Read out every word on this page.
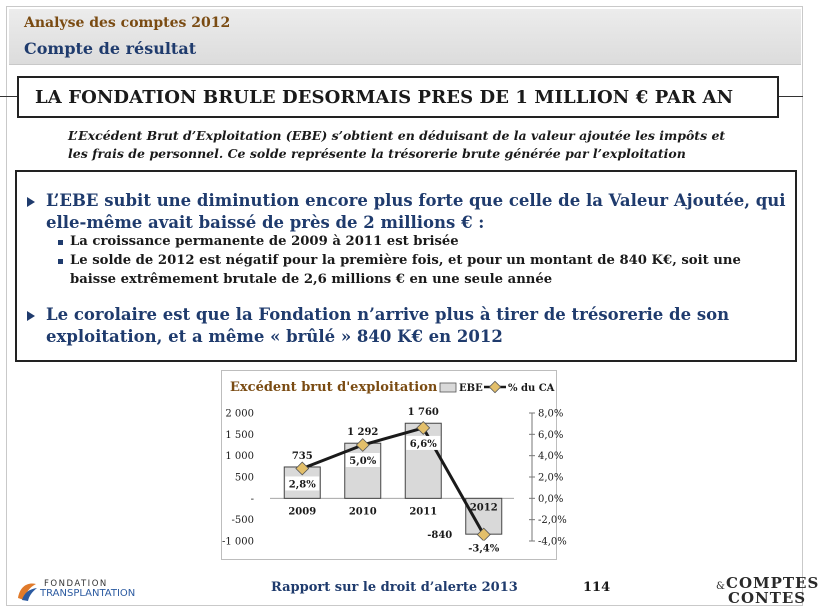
Analyse des comptes 2012
Compte de résultat
LA FONDATION BRULE DESORMAIS PRES DE 1 MILLION € PAR AN
L’Excédent Brut d’Exploitation (EBE) s’obtient en déduisant de la valeur ajoutée les impôts et
les frais de personnel. Ce solde représente la trésorerie brute générée par l’exploitation
L’EBE subit une diminution encore plus forte que celle de la Valeur Ajoutée, qui
elle-même avait baissé de près de 2 millions € :
La croissance permanente de 2009 à 2011 est brisée
Le solde de 2012 est négatif pour la première fois, et pour un montant de 840 K€, soit une
baisse extrêmement brutale de 2,6 millions € en une seule année
Le corolaire est que la Fondation n’arrive plus à tirer de trésorerie de son
exploitation, et a même « brûlé » 840 K€ en 2012
Excédent brut d'exploitation EBE	% du CA
2 000
1 500
1 000
500
-
-500
-1 000
8,0%
6,0%
4,0%
2,0%
0,0%
-2,0%
-4,0%
2009	2010	2011	2012
735
1 292
1 760
-840
2,8%
5,0%
6,6%
-3,4%
FONDATION
TRANSPLANTATION	Rapport sur le droit d’alerte 2013	114	COMPTES
&
CONTES
